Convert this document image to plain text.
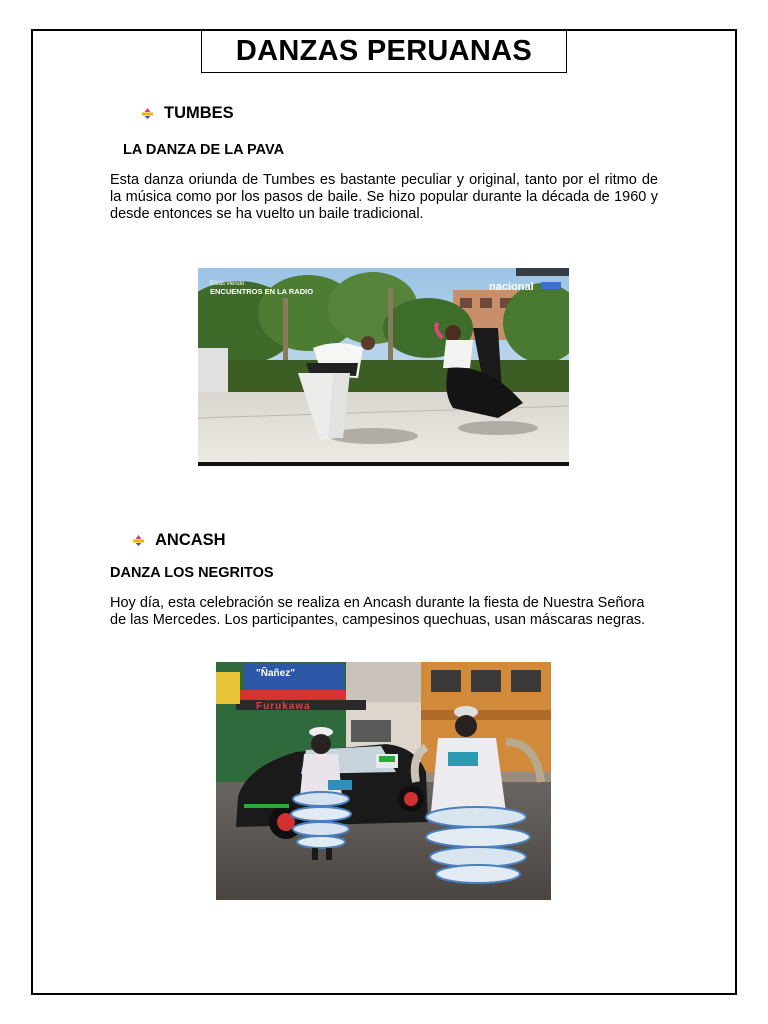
DANZAS PERUANAS
TUMBES
LA DANZA DE LA PAVA
Esta danza oriunda de Tumbes es bastante peculiar y original, tanto por el ritmo de la música como por los pasos de baile. Se hizo popular durante la década de 1960 y desde entonces se ha vuelto un baile tradicional.
Estás viendo
ENCUENTROS EN LA RADIO	nacional
ANCASH
DANZA LOS NEGRITOS
Hoy día, esta celebración se realiza en Ancash durante la fiesta de Nuestra Señora de las Mercedes. Los participantes, campesinos quechuas, usan máscaras negras.
"Ñañez"
Furukawa
